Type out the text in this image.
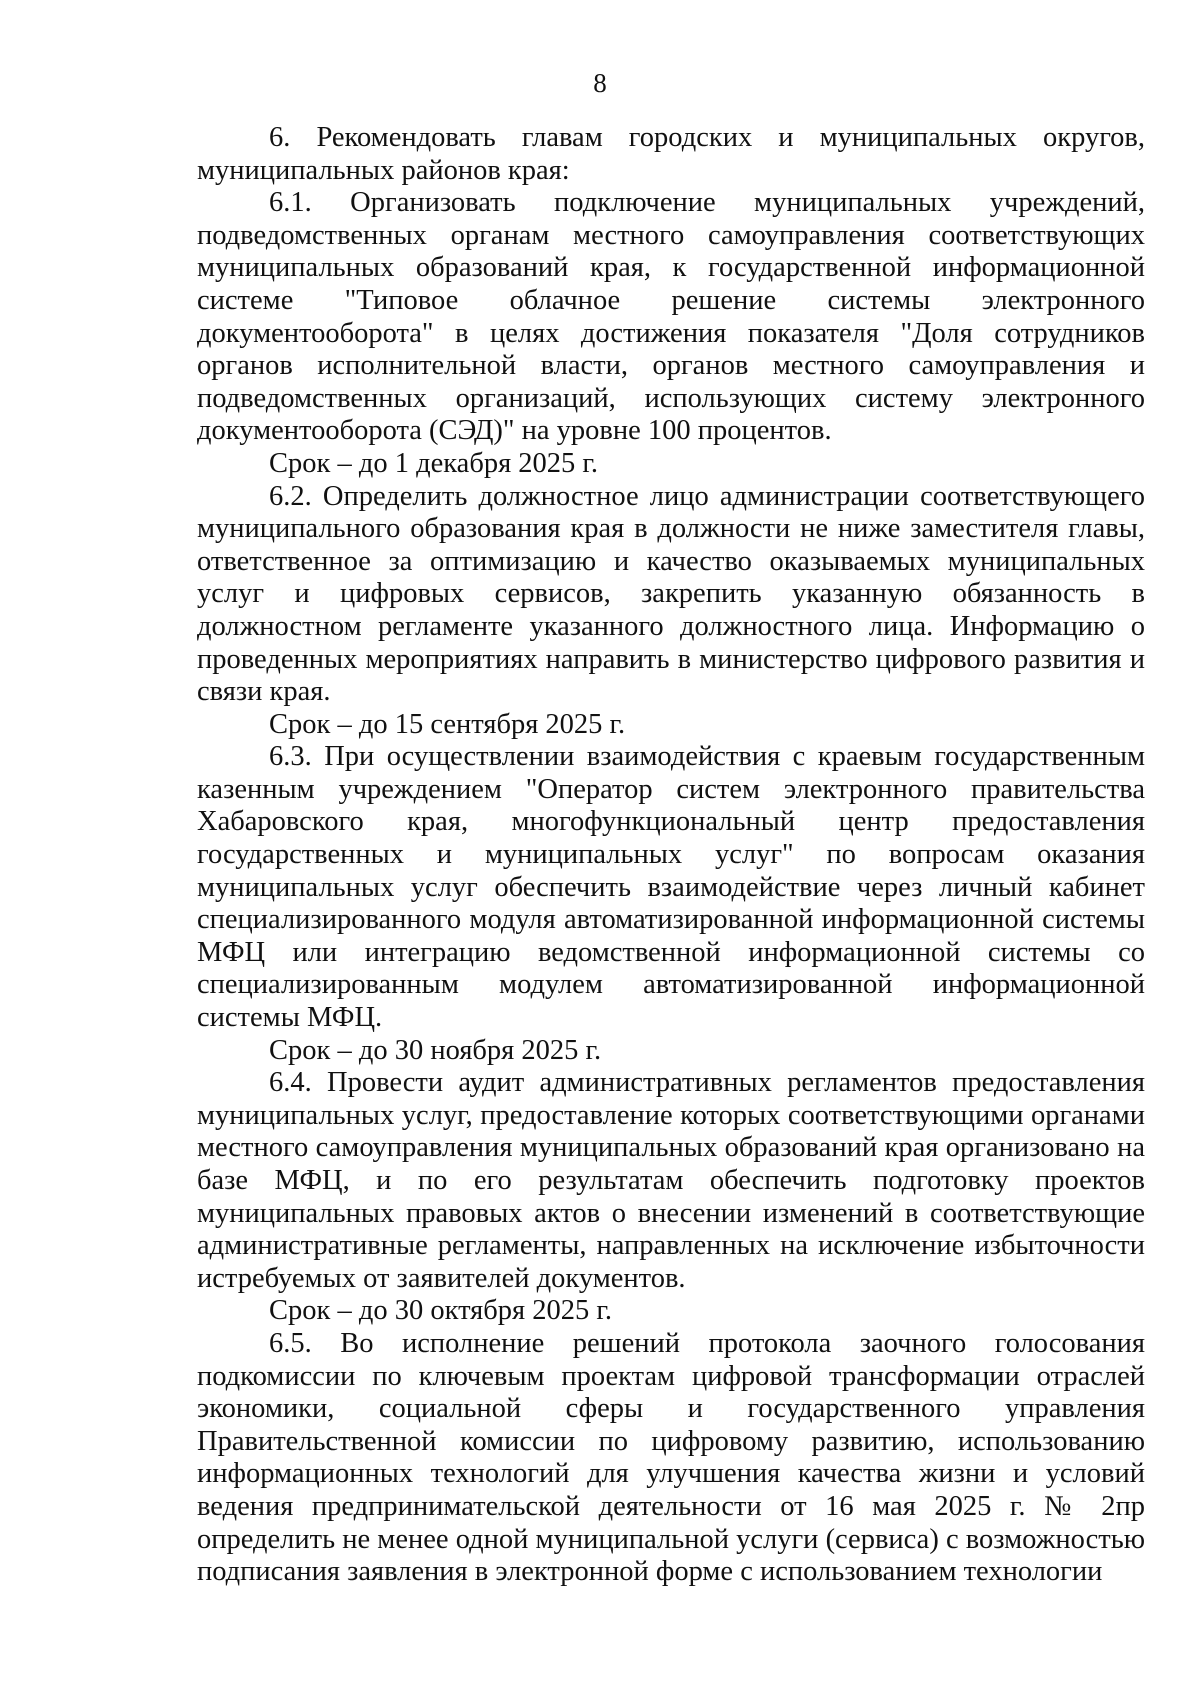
8

6. Рекомендовать главам городских и муниципальных округов, муниципальных районов края:

6.1. Организовать подключение муниципальных учреждений, подведомственных органам местного самоуправления соответствующих муниципальных образований края, к государственной информационной системе "Типовое облачное решение системы электронного документооборота" в целях достижения показателя "Доля сотрудников органов исполнительной власти, органов местного самоуправления и подведомственных организаций, использующих систему электронного документооборота (СЭД)" на уровне 100 процентов.

Срок – до 1 декабря 2025 г.

6.2. Определить должностное лицо администрации соответствующего муниципального образования края в должности не ниже заместителя главы, ответственное за оптимизацию и качество оказываемых муниципальных услуг и цифровых сервисов, закрепить указанную обязанность в должностном регламенте указанного должностного лица. Информацию о проведенных мероприятиях направить в министерство цифрового развития и связи края.

Срок – до 15 сентября 2025 г.

6.3. При осуществлении взаимодействия с краевым государственным казенным учреждением "Оператор систем электронного правительства Хабаровского края, многофункциональный центр предоставления государственных и муниципальных услуг" по вопросам оказания муниципальных услуг обеспечить взаимодействие через личный кабинет специализированного модуля автоматизированной информационной системы МФЦ или интеграцию ведомственной информационной системы со специализированным модулем автоматизированной информационной системы МФЦ.

Срок – до 30 ноября 2025 г.

6.4. Провести аудит административных регламентов предоставления муниципальных услуг, предоставление которых соответствующими органами местного самоуправления муниципальных образований края организовано на базе МФЦ, и по его результатам обеспечить подготовку проектов муниципальных правовых актов о внесении изменений в соответствующие административные регламенты, направленных на исключение избыточности истребуемых от заявителей документов.

Срок – до 30 октября 2025 г.

6.5. Во исполнение решений протокола заочного голосования подкомиссии по ключевым проектам цифровой трансформации отраслей экономики, социальной сферы и государственного управления Правительственной комиссии по цифровому развитию, использованию информационных технологий для улучшения качества жизни и условий ведения предпринимательской деятельности от 16 мая 2025 г. № 2пр определить не менее одной муниципальной услуги (сервиса) с возможностью подписания заявления в электронной форме с использованием технологии
